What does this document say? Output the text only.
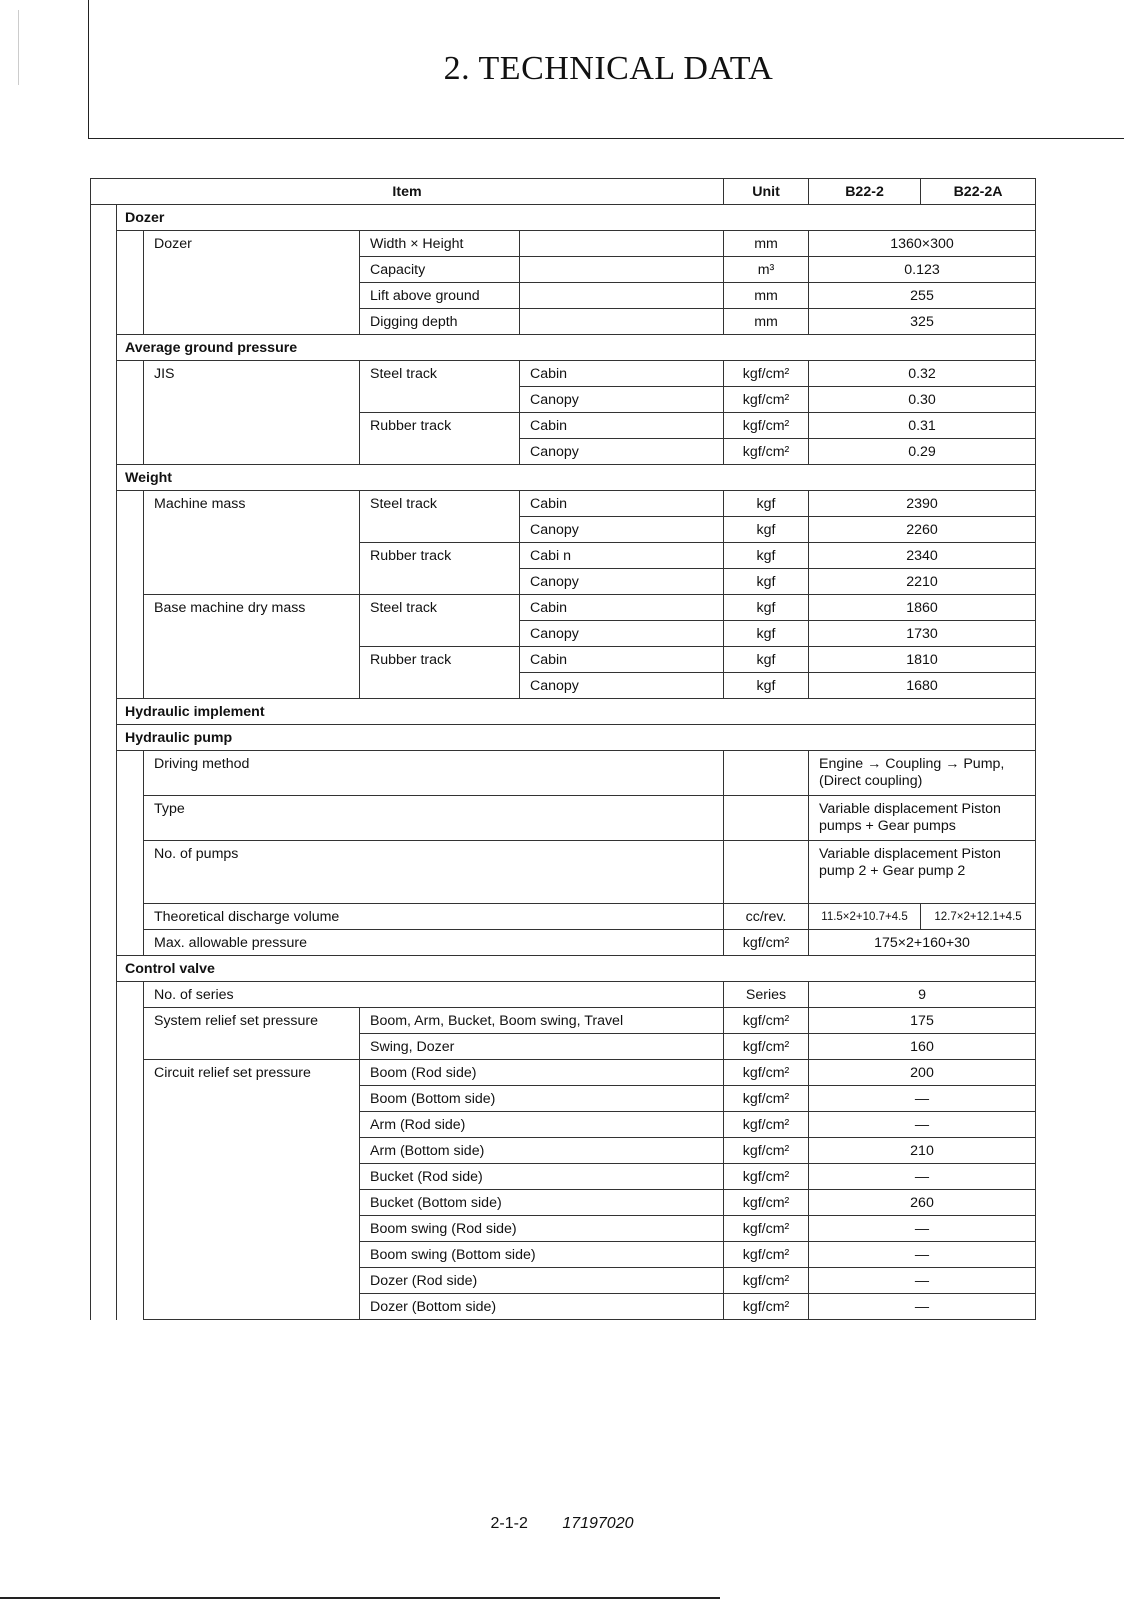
2. TECHNICAL DATA
Item					Unit	B22-2	B22-2A
	Dozer						
		Dozer	Width × Height		mm	1360×300	
			Capacity		m³	0.123	
			Lift above ground		mm	255	
			Digging depth		mm	325	
	Average ground pressure						
		JIS	Steel track	Cabin	kgf/cm²	0.32	
				Canopy	kgf/cm²	0.30	
			Rubber track	Cabin	kgf/cm²	0.31	
				Canopy	kgf/cm²	0.29	
	Weight						
		Machine mass	Steel track	Cabin	kgf	2390	
				Canopy	kgf	2260	
			Rubber track	Cabi n	kgf	2340	
				Canopy	kgf	2210	
		Base machine dry mass	Steel track	Cabin	kgf	1860	
				Canopy	kgf	1730	
			Rubber track	Cabin	kgf	1810	
				Canopy	kgf	1680	
	Hydraulic implement						
	Hydraulic pump						
		Driving method				Engine → Coupling → Pump, (Direct coupling)	
		Type				Variable displacement Piston pumps + Gear pumps	
		No. of pumps				Variable displacement Piston pump 2 + Gear pump 2	
		Theoretical discharge volume			cc/rev.	11.5×2+10.7+4.5	12.7×2+12.1+4.5
		Max. allowable pressure			kgf/cm²	175×2+160+30	
	Control valve						
		No. of series			Series	9	
		System relief set pressure	Boom, Arm, Bucket, Boom swing, Travel		kgf/cm²	175	
			Swing, Dozer		kgf/cm²	160	
		Circuit relief set pressure	Boom (Rod side)		kgf/cm²	200	
			Boom (Bottom side)		kgf/cm²	—	
			Arm (Rod side)		kgf/cm²	—	
			Arm (Bottom side)		kgf/cm²	210	
			Bucket (Rod side)		kgf/cm²	—	
			Bucket (Bottom side)		kgf/cm²	260	
			Boom swing (Rod side)		kgf/cm²	—	
			Boom swing (Bottom side)		kgf/cm²	—	
			Dozer (Rod side)		kgf/cm²	—	
			Dozer (Bottom side)		kgf/cm²	—	
2-1-2 17197020
